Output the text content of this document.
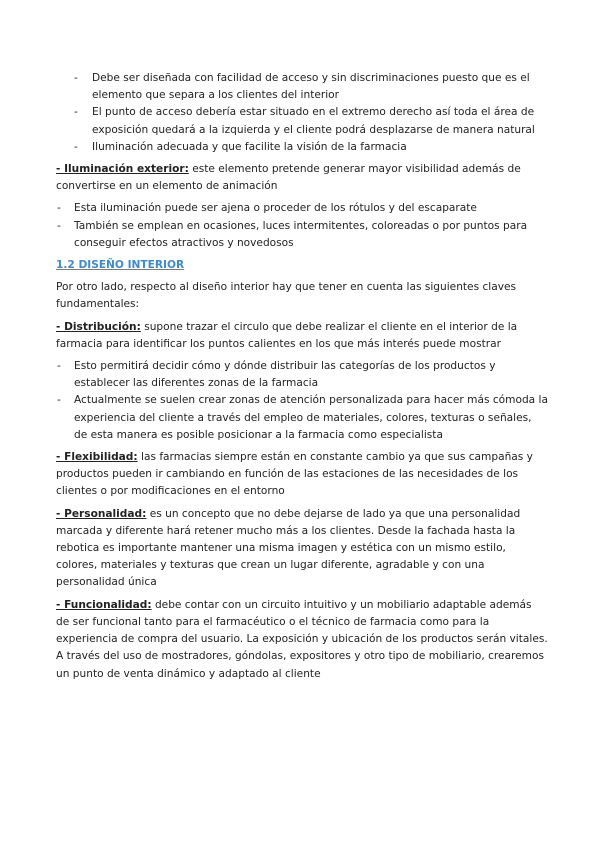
- Debe ser diseñada con facilidad de acceso y sin discriminaciones puesto que es el elemento que separa a los clientes del interior
- El punto de acceso debería estar situado en el extremo derecho así toda el área de exposición quedará a la izquierda y el cliente podrá desplazarse de manera natural
- Iluminación adecuada y que facilite la visión de la farmacia

- Iluminación exterior: este elemento pretende generar mayor visibilidad además de convertirse en un elemento de animación

- Esta iluminación puede ser ajena o proceder de los rótulos y del escaparate
- También se emplean en ocasiones, luces intermitentes, coloreadas o por puntos para conseguir efectos atractivos y novedosos

1.2 DISEÑO INTERIOR

Por otro lado, respecto al diseño interior hay que tener en cuenta las siguientes claves fundamentales:

- Distribución: supone trazar el circulo que debe realizar el cliente en el interior de la farmacia para identificar los puntos calientes en los que más interés puede mostrar

- Esto permitirá decidir cómo y dónde distribuir las categorías de los productos y establecer las diferentes zonas de la farmacia
- Actualmente se suelen crear zonas de atención personalizada para hacer más cómoda la experiencia del cliente a través del empleo de materiales, colores, texturas o señales, de esta manera es posible posicionar a la farmacia como especialista

- Flexibilidad: las farmacias siempre están en constante cambio ya que sus campañas y productos pueden ir cambiando en función de las estaciones de las necesidades de los clientes o por modificaciones en el entorno

- Personalidad: es un concepto que no debe dejarse de lado ya que una personalidad marcada y diferente hará retener mucho más a los clientes. Desde la fachada hasta la rebotica es importante mantener una misma imagen y estética con un mismo estilo, colores, materiales y texturas que crean un lugar diferente, agradable y con una personalidad única

- Funcionalidad: debe contar con un circuito intuitivo y un mobiliario adaptable además de ser funcional tanto para el farmacéutico o el técnico de farmacia como para la experiencia de compra del usuario. La exposición y ubicación de los productos serán vitales. A través del uso de mostradores, góndolas, expositores y otro tipo de mobiliario, crearemos un punto de venta dinámico y adaptado al cliente
